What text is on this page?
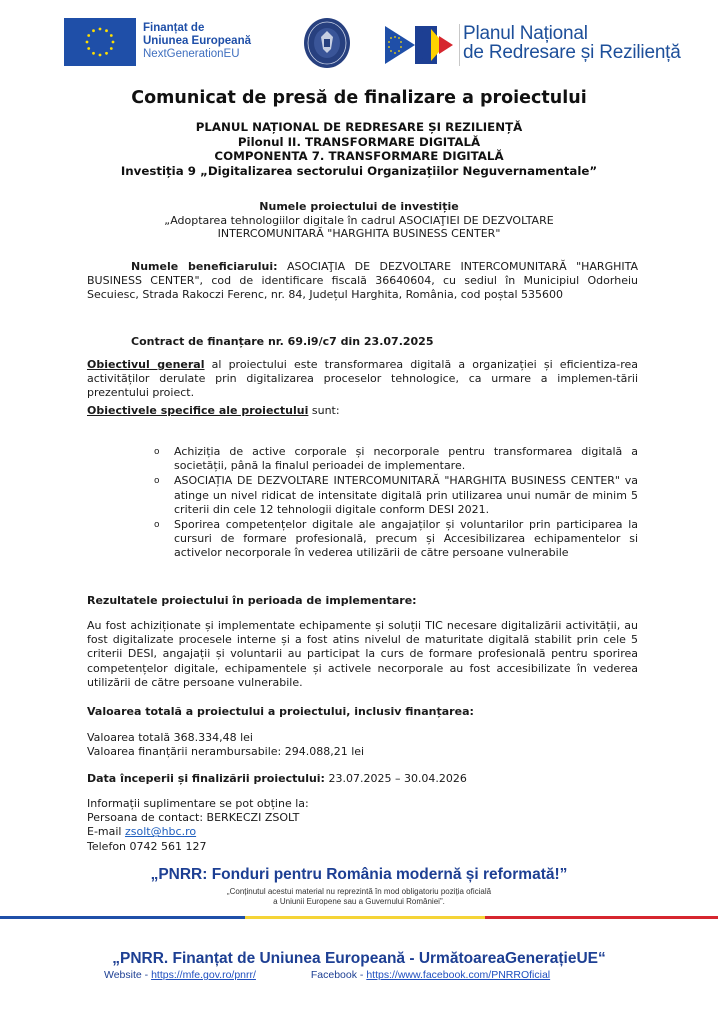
Finanțat de
Uniunea Europeană
NextGenerationEU
Planul Național
de Redresare și Reziliență
Comunicat de presă de finalizare a proiectului
PLANUL NAȚIONAL DE REDRESARE ȘI REZILIENȚĂ
Pilonul II. TRANSFORMARE DIGITALĂ
COMPONENTA 7. TRANSFORMARE DIGITALĂ
Investiția 9 „Digitalizarea sectorului Organizațiilor Neguvernamentale”
Numele proiectului de investiție
„Adoptarea tehnologiilor digitale în cadrul ASOCIAŢIEI DE DEZVOLTARE
INTERCOMUNITARĂ "HARGHITA BUSINESS CENTER"
Numele beneficiarului: ASOCIAŢIA DE DEZVOLTARE INTERCOMUNITARĂ "HARGHITA BUSINESS CENTER", cod de identificare fiscală 36640604, cu sediul în Municipiul Odorheiu Secuiesc, Strada Rakoczi Ferenc, nr. 84, Județul Harghita, România, cod poștal 535600
Contract de finanțare nr. 69.i9/c7 din 23.07.2025
Obiectivul general al proiectului este transformarea digitală a organizației și eficientiza-rea activităților derulate prin digitalizarea proceselor tehnologice, ca urmare a implemen-tării prezentului proiect.
Obiectivele specifice ale proiectului sunt:
o Achiziția de active corporale și necorporale pentru transformarea digitală a societății, până la finalul perioadei de implementare.
o ASOCIAȚIA DE DEZVOLTARE INTERCOMUNITARĂ "HARGHITA BUSINESS CENTER" va atinge un nivel ridicat de intensitate digitală prin utilizarea unui număr de minim 5 criterii din cele 12 tehnologii digitale conform DESI 2021.
o Sporirea competențelor digitale ale angajaților și voluntarilor prin participarea la cursuri de formare profesională, precum și Accesibilizarea echipamentelor si activelor necorporale în vederea utilizării de către persoane vulnerabile
Rezultatele proiectului în perioada de implementare:
Au fost achiziționate și implementate echipamente și soluții TIC necesare digitalizării activității, au fost digitalizate procesele interne și a fost atins nivelul de maturitate digitală stabilit prin cele 5 criterii DESI, angajații și voluntarii au participat la curs de formare profesională pentru sporirea competențelor digitale, echipamentele și activele necorporale au fost accesibilizate în vederea utilizării de către persoane vulnerabile.
Valoarea totală a proiectului a proiectului, inclusiv finanțarea:
Valoarea totală 368.334,48 lei
Valoarea finanțării nerambursabile: 294.088,21 lei
Data începerii și finalizării proiectului: 23.07.2025 – 30.04.2026
Informații suplimentare se pot obține la:
Persoana de contact: BERKECZI ZSOLT
E-mail zsolt@hbc.ro
Telefon 0742 561 127
„PNRR: Fonduri pentru România modernă și reformată!”
„Conținutul acestui material nu reprezintă în mod obligatoriu poziția oficială
a Uniunii Europene sau a Guvernului României”.
„PNRR. Finanțat de Uniunea Europeană - UrmătoareaGenerațieUE“
Website - https://mfe.gov.ro/pnrr/	Facebook - https://www.facebook.com/PNRROficial
